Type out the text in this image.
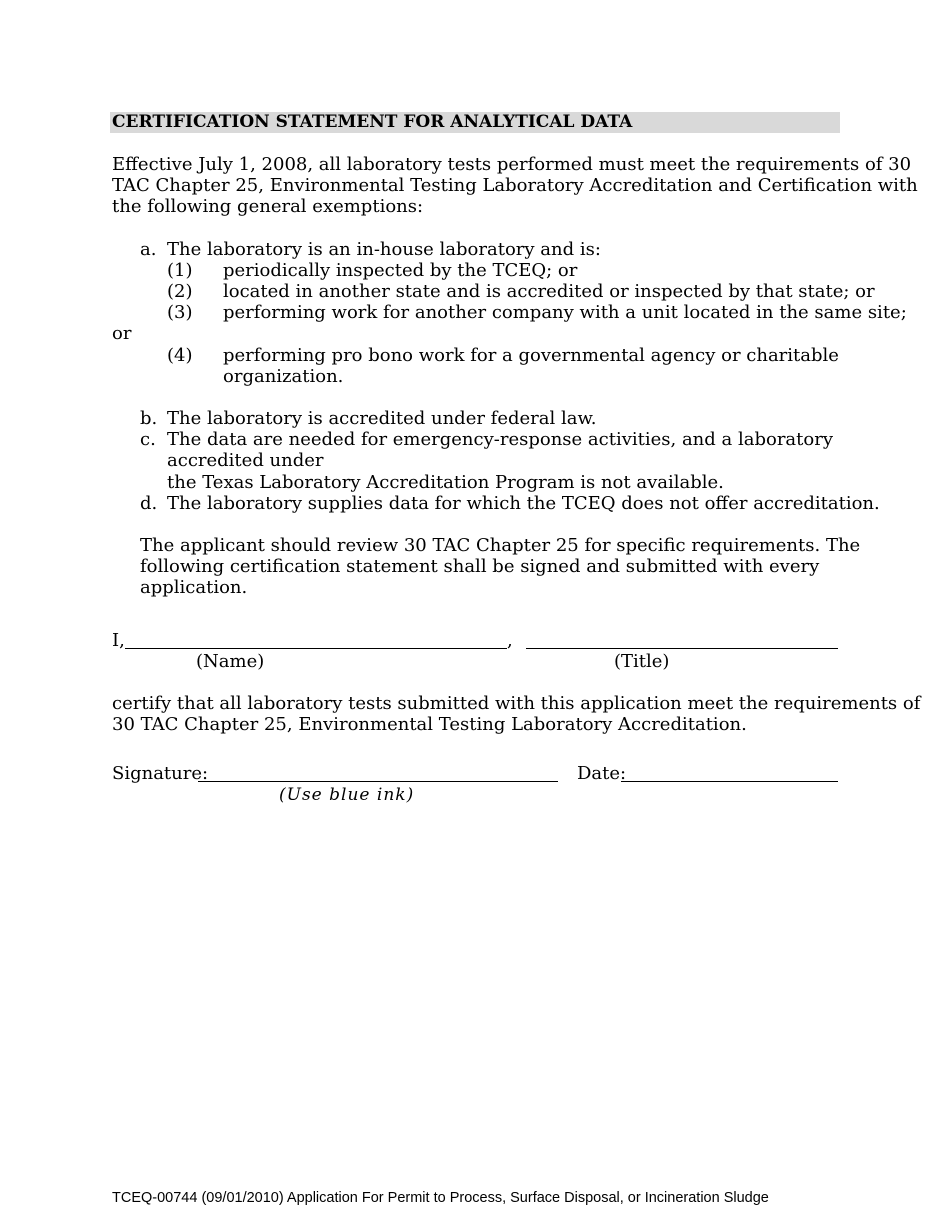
CERTIFICATION STATEMENT FOR ANALYTICAL DATA
Effective July 1, 2008, all laboratory tests performed must meet the requirements of 30
TAC Chapter 25, Environmental Testing Laboratory Accreditation and Certification with
the following general exemptions:
a. The laboratory is an in-house laboratory and is:
(1) periodically inspected by the TCEQ; or
(2) located in another state and is accredited or inspected by that state; or
(3) performing work for another company with a unit located in the same site;
or
(4) performing pro bono work for a governmental agency or charitable
organization.
b. The laboratory is accredited under federal law.
c. The data are needed for emergency-response activities, and a laboratory
accredited under
the Texas Laboratory Accreditation Program is not available.
d. The laboratory supplies data for which the TCEQ does not offer accreditation.
The applicant should review 30 TAC Chapter 25 for specific requirements. The
following certification statement shall be signed and submitted with every
application.
I,	,
(Name)	(Title)
certify that all laboratory tests submitted with this application meet the requirements of
30 TAC Chapter 25, Environmental Testing Laboratory Accreditation.
Signature:	Date:
(Use blue ink)
TCEQ-00744 (09/01/2010) Application For Permit to Process, Surface Disposal, or Incineration Sludge
